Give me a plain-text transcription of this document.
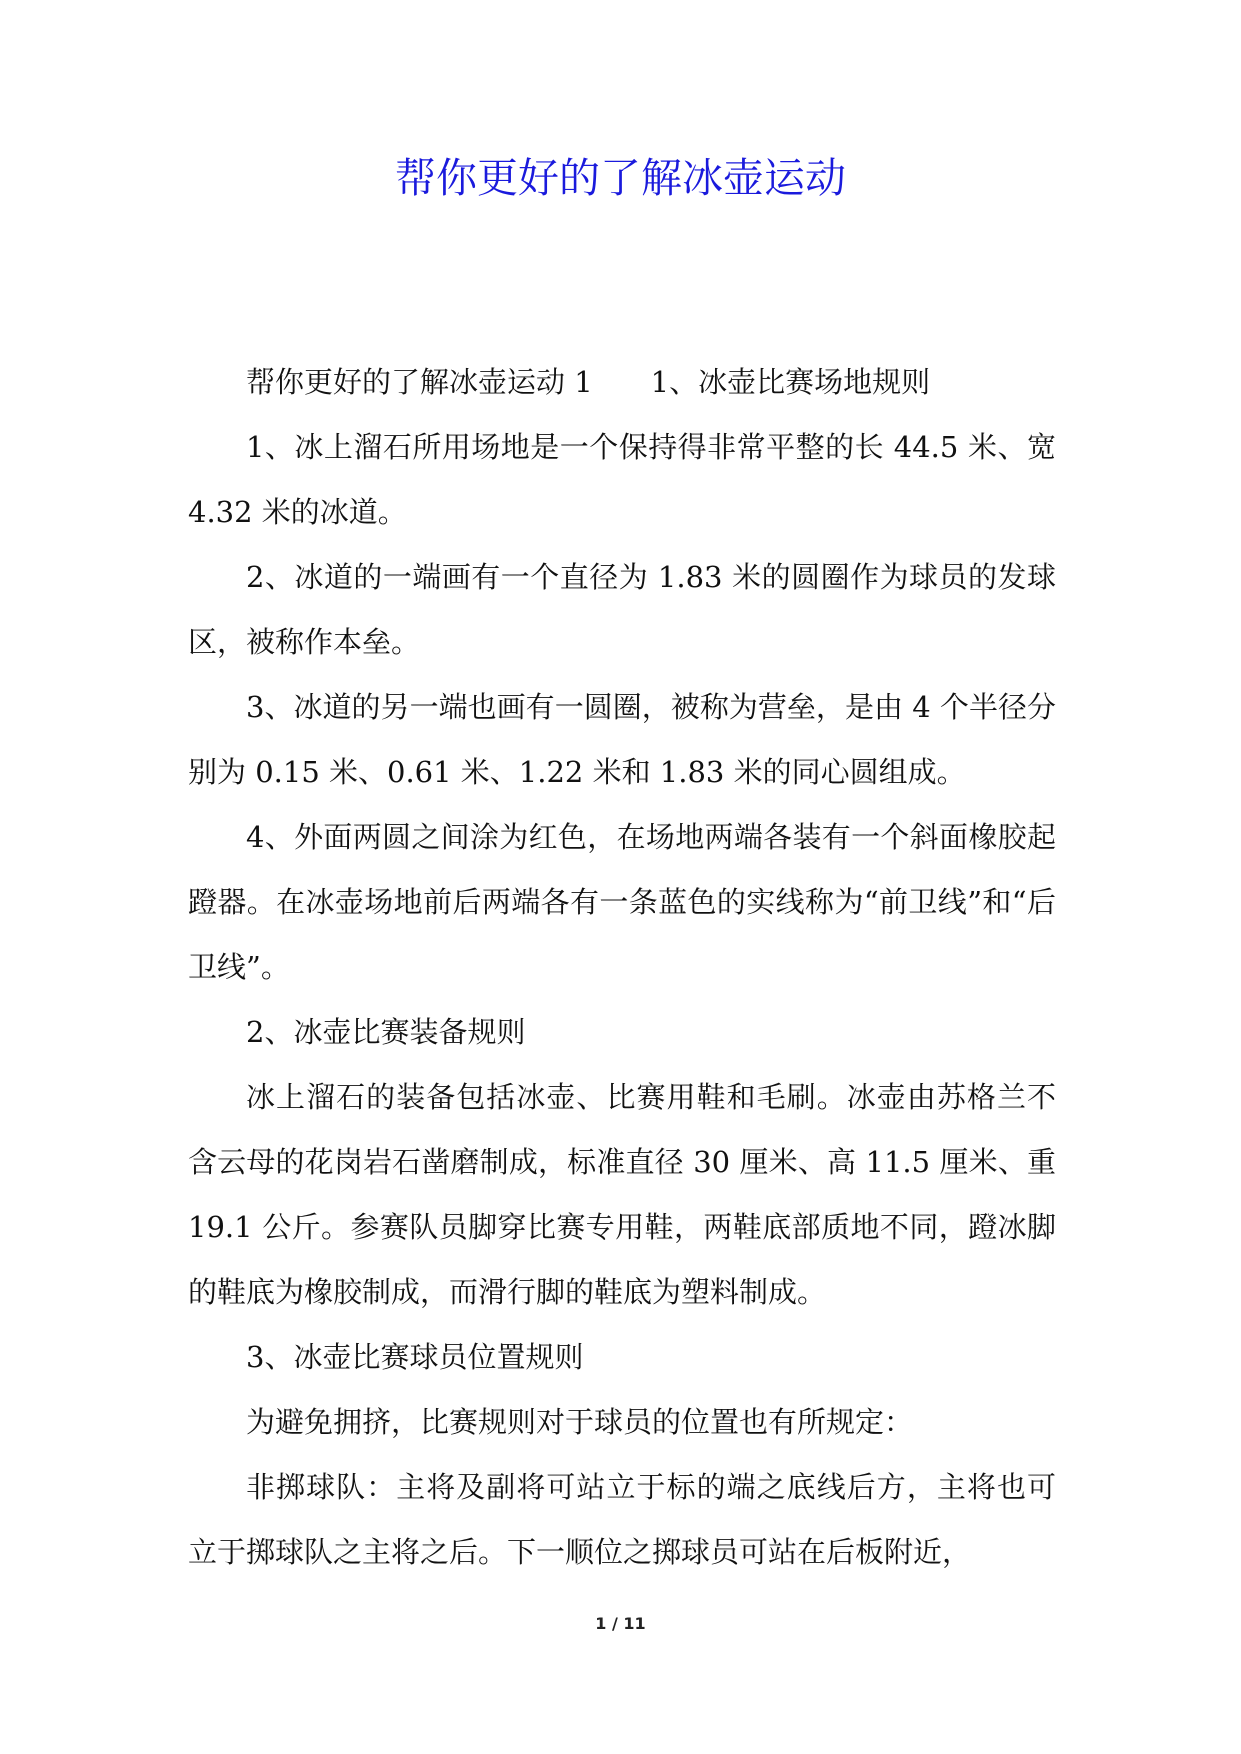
帮你更好的了解冰壶运动

帮你更好的了解冰壶运动 1　　1、冰壶比赛场地规则

1、冰上溜石所用场地是一个保持得非常平整的长 44.5 米、宽 4.32 米的冰道。

2、冰道的一端画有一个直径为 1.83 米的圆圈作为球员的发球区，被称作本垒。

3、冰道的另一端也画有一圆圈，被称为营垒，是由 4 个半径分别为 0.15 米、0.61 米、1.22 米和 1.83 米的同心圆组成。

4、外面两圆之间涂为红色，在场地两端各装有一个斜面橡胶起蹬器。在冰壶场地前后两端各有一条蓝色的实线称为“前卫线”和“后卫线”。

2、冰壶比赛装备规则

冰上溜石的装备包括冰壶、比赛用鞋和毛刷。冰壶由苏格兰不含云母的花岗岩石凿磨制成，标准直径 30 厘米、高 11.5 厘米、重 19.1 公斤。参赛队员脚穿比赛专用鞋，两鞋底部质地不同，蹬冰脚的鞋底为橡胶制成，而滑行脚的鞋底为塑料制成。

3、冰壶比赛球员位置规则

为避免拥挤，比赛规则对于球员的位置也有所规定：

非掷球队：主将及副将可站立于标的端之底线后方，主将也可立于掷球队之主将之后。下一顺位之掷球员可站在后板附近，

1 / 11
